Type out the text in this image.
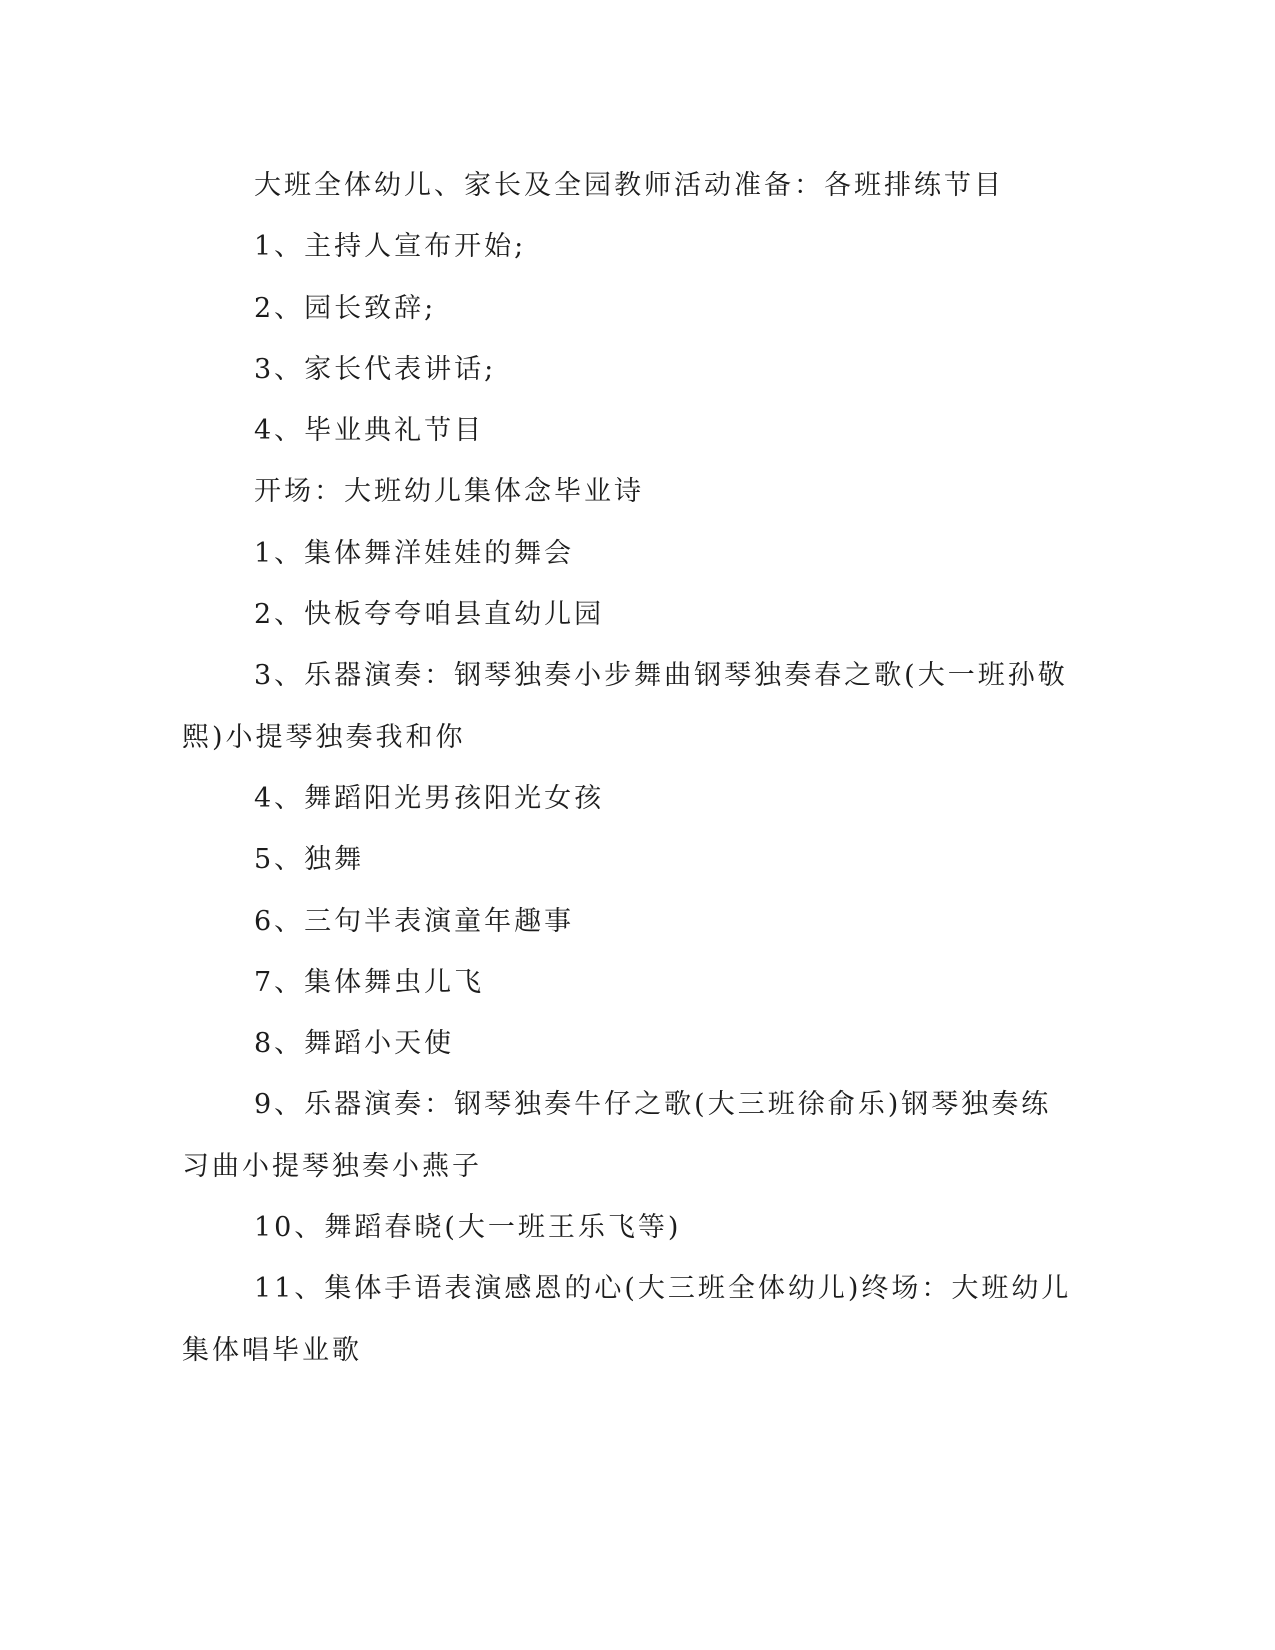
大班全体幼儿、家长及全园教师活动准备：各班排练节目

1、主持人宣布开始;

2、园长致辞;

3、家长代表讲话;

4、毕业典礼节目

开场：大班幼儿集体念毕业诗

1、集体舞洋娃娃的舞会

2、快板夸夸咱县直幼儿园

3、乐器演奏：钢琴独奏小步舞曲钢琴独奏春之歌(大一班孙敬熙)小提琴独奏我和你

4、舞蹈阳光男孩阳光女孩

5、独舞

6、三句半表演童年趣事

7、集体舞虫儿飞

8、舞蹈小天使

9、乐器演奏：钢琴独奏牛仔之歌(大三班徐俞乐)钢琴独奏练习曲小提琴独奏小燕子

10、舞蹈春晓(大一班王乐飞等)

11、集体手语表演感恩的心(大三班全体幼儿)终场：大班幼儿集体唱毕业歌
